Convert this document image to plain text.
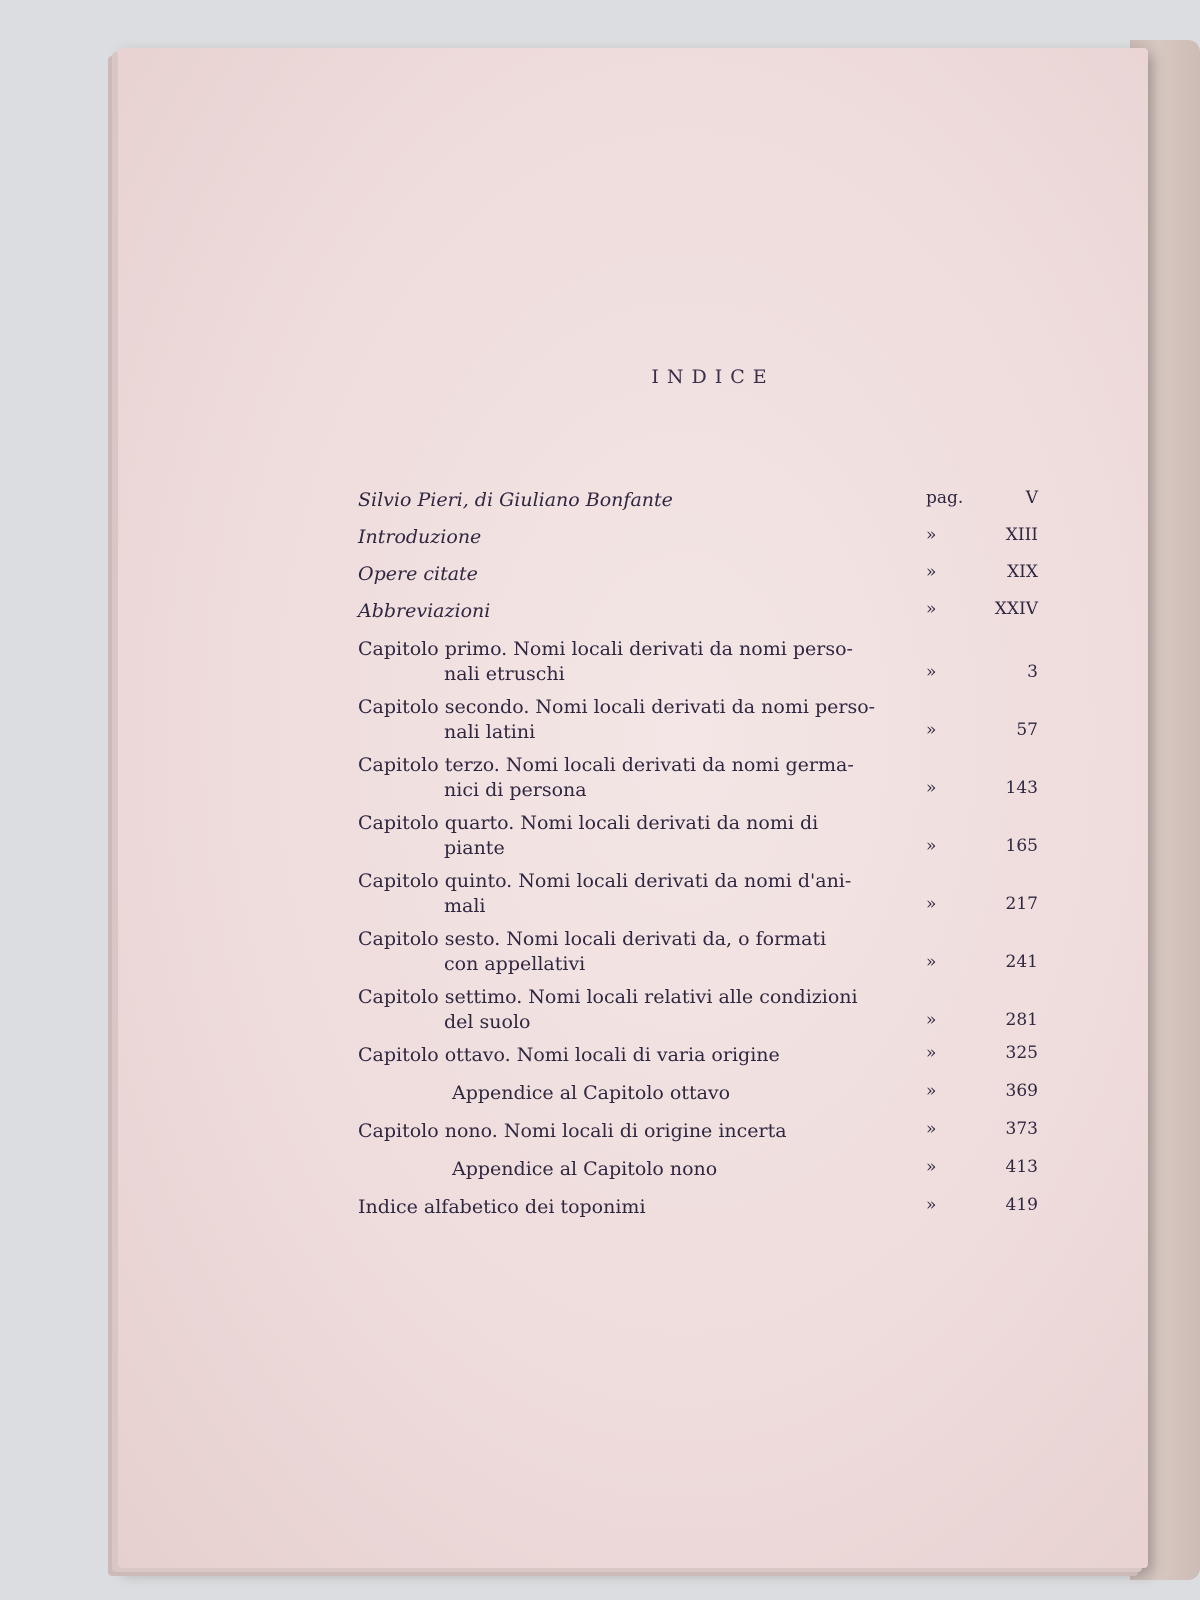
INDICE
Silvio Pieri, di Giuliano Bonfante	pag.	V
Introduzione	»	XIII
Opere citate	»	XIX
Abbreviazioni	»	XXIV
Capitolo primo. Nomi locali derivati da nomi perso-
nali etruschi	»	3
Capitolo secondo. Nomi locali derivati da nomi perso-
nali latini	»	57
Capitolo terzo. Nomi locali derivati da nomi germa-
nici di persona	»	143
Capitolo quarto. Nomi locali derivati da nomi di
piante	»	165
Capitolo quinto. Nomi locali derivati da nomi d'ani-
mali	»	217
Capitolo sesto. Nomi locali derivati da, o formati
con appellativi	»	241
Capitolo settimo. Nomi locali relativi alle condizioni
del suolo	»	281
Capitolo ottavo. Nomi locali di varia origine	»	325
Appendice al Capitolo ottavo	»	369
Capitolo nono. Nomi locali di origine incerta	»	373
Appendice al Capitolo nono	»	413
Indice alfabetico dei toponimi	»	419
